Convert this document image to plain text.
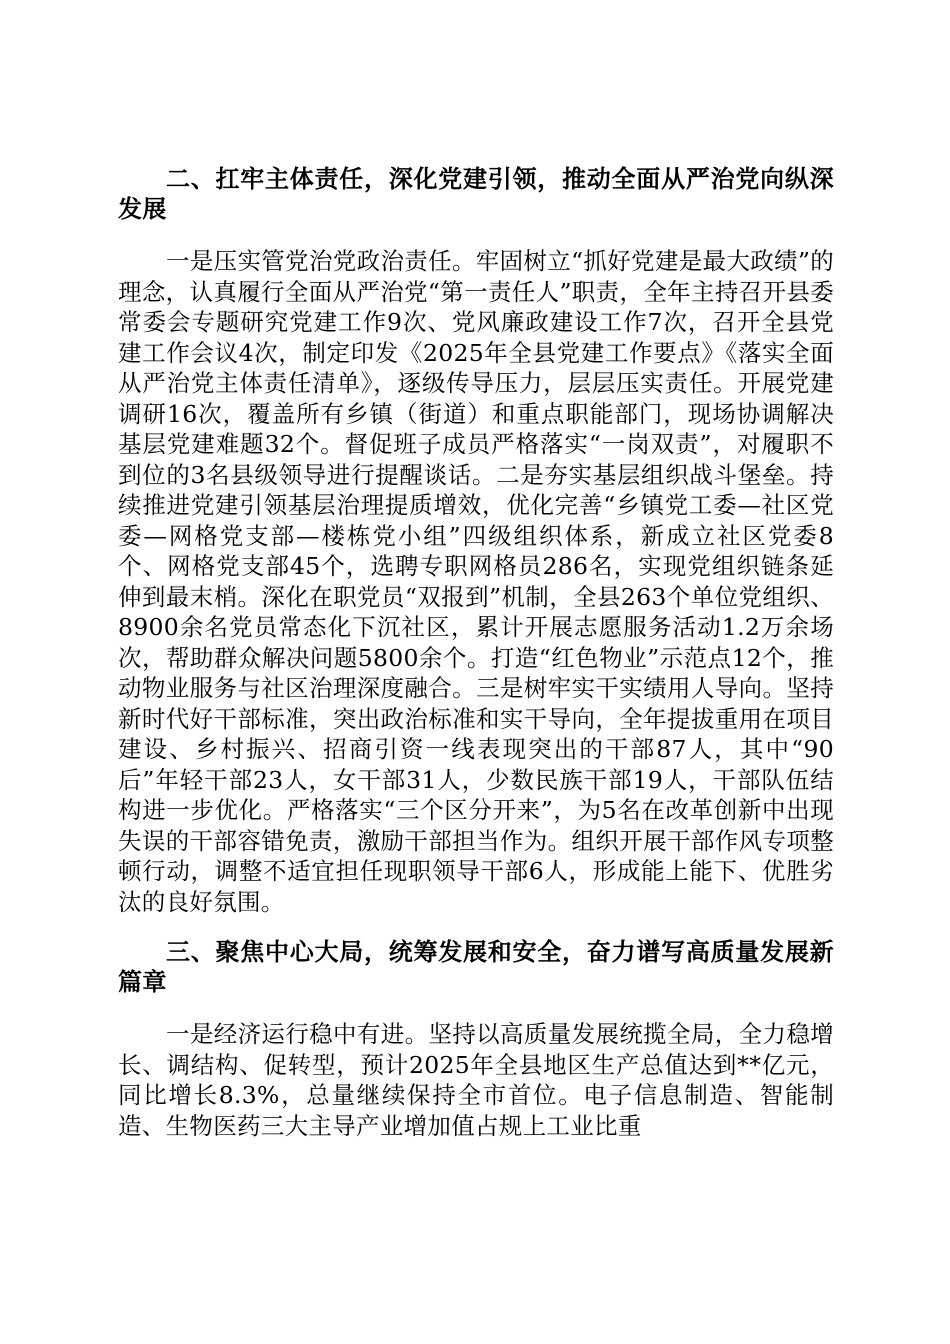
二、扛牢主体责任，深化党建引领，推动全面从严治党向纵深发展

一是压实管党治党政治责任。牢固树立“抓好党建是最大政绩”的理念，认真履行全面从严治党“第一责任人”职责，全年主持召开县委常委会专题研究党建工作9次、党风廉政建设工作7次，召开全县党建工作会议4次，制定印发《2025年全县党建工作要点》《落实全面从严治党主体责任清单》，逐级传导压力，层层压实责任。开展党建调研16次，覆盖所有乡镇（街道）和重点职能部门，现场协调解决基层党建难题32个。督促班子成员严格落实“一岗双责”，对履职不到位的3名县级领导进行提醒谈话。二是夯实基层组织战斗堡垒。持续推进党建引领基层治理提质增效，优化完善“乡镇党工委—社区党委—网格党支部—楼栋党小组”四级组织体系，新成立社区党委8个、网格党支部45个，选聘专职网格员286名，实现党组织链条延伸到最末梢。深化在职党员“双报到”机制，全县263个单位党组织、8900余名党员常态化下沉社区，累计开展志愿服务活动1.2万余场次，帮助群众解决问题5800余个。打造“红色物业”示范点12个，推动物业服务与社区治理深度融合。三是树牢实干实绩用人导向。坚持新时代好干部标准，突出政治标准和实干导向，全年提拔重用在项目建设、乡村振兴、招商引资一线表现突出的干部87人，其中“90后”年轻干部23人，女干部31人，少数民族干部19人，干部队伍结构进一步优化。严格落实“三个区分开来”，为5名在改革创新中出现失误的干部容错免责，激励干部担当作为。组织开展干部作风专项整顿行动，调整不适宜担任现职领导干部6人，形成能上能下、优胜劣汰的良好氛围。

三、聚焦中心大局，统筹发展和安全，奋力谱写高质量发展新篇章

一是经济运行稳中有进。坚持以高质量发展统揽全局，全力稳增长、调结构、促转型，预计2025年全县地区生产总值达到**亿元，同比增长8.3%，总量继续保持全市首位。电子信息制造、智能制造、生物医药三大主导产业增加值占规上工业比重
